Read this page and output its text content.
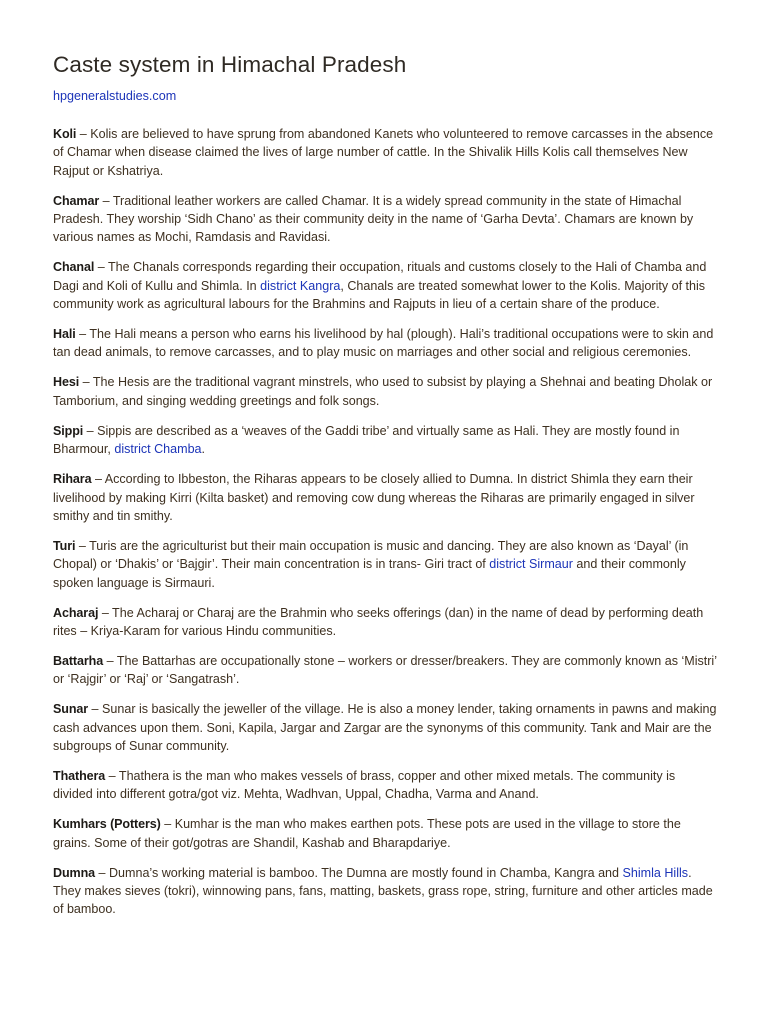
Caste system in Himachal Pradesh
hpgeneralstudies.com

Koli – Kolis are believed to have sprung from abandoned Kanets who volunteered to remove carcasses in the absence of Chamar when disease claimed the lives of large number of cattle. In the Shivalik Hills Kolis call themselves New Rajput or Kshatriya.

Chamar – Traditional leather workers are called Chamar. It is a widely spread community in the state of Himachal Pradesh. They worship ‘Sidh Chano’ as their community deity in the name of ‘Garha Devta’. Chamars are known by various names as Mochi, Ramdasis and Ravidasi.

Chanal – The Chanals corresponds regarding their occupation, rituals and customs closely to the Hali of Chamba and Dagi and Koli of Kullu and Shimla. In district Kangra, Chanals are treated somewhat lower to the Kolis. Majority of this community work as agricultural labours for the Brahmins and Rajputs in lieu of a certain share of the produce.

Hali – The Hali means a person who earns his livelihood by hal (plough). Hali’s traditional occupations were to skin and tan dead animals, to remove carcasses, and to play music on marriages and other social and religious ceremonies.

Hesi – The Hesis are the traditional vagrant minstrels, who used to subsist by playing a Shehnai and beating Dholak or Tamborium, and singing wedding greetings and folk songs.

Sippi – Sippis are described as a ‘weaves of the Gaddi tribe’ and virtually same as Hali. They are mostly found in Bharmour, district Chamba.

Rihara – According to Ibbeston, the Riharas appears to be closely allied to Dumna. In district Shimla they earn their livelihood by making Kirri (Kilta basket) and removing cow dung whereas the Riharas are primarily engaged in silver smithy and tin smithy.

Turi – Turis are the agriculturist but their main occupation is music and dancing. They are also known as ‘Dayal’ (in Chopal) or ‘Dhakis’ or ‘Bajgir’. Their main concentration is in trans- Giri tract of district Sirmaur and their commonly spoken language is Sirmauri.

Acharaj – The Acharaj or Charaj are the Brahmin who seeks offerings (dan) in the name of dead by performing death rites – Kriya-Karam for various Hindu communities.

Battarha – The Battarhas are occupationally stone – workers or dresser/breakers. They are commonly known as ‘Mistri’ or ‘Rajgir’ or ‘Raj’ or ‘Sangatrash’.

Sunar – Sunar is basically the jeweller of the village. He is also a money lender, taking ornaments in pawns and making cash advances upon them. Soni, Kapila, Jargar and Zargar are the synonyms of this community. Tank and Mair are the subgroups of Sunar community.

Thathera – Thathera is the man who makes vessels of brass, copper and other mixed metals. The community is divided into different gotra/got viz. Mehta, Wadhvan, Uppal, Chadha, Varma and Anand.

Kumhars (Potters) – Kumhar is the man who makes earthen pots. These pots are used in the village to store the grains. Some of their got/gotras are Shandil, Kashab and Bharapdariye.

Dumna – Dumna’s working material is bamboo. The Dumna are mostly found in Chamba, Kangra and Shimla Hills. They makes sieves (tokri), winnowing pans, fans, matting, baskets, grass rope, string, furniture and other articles made of bamboo.
